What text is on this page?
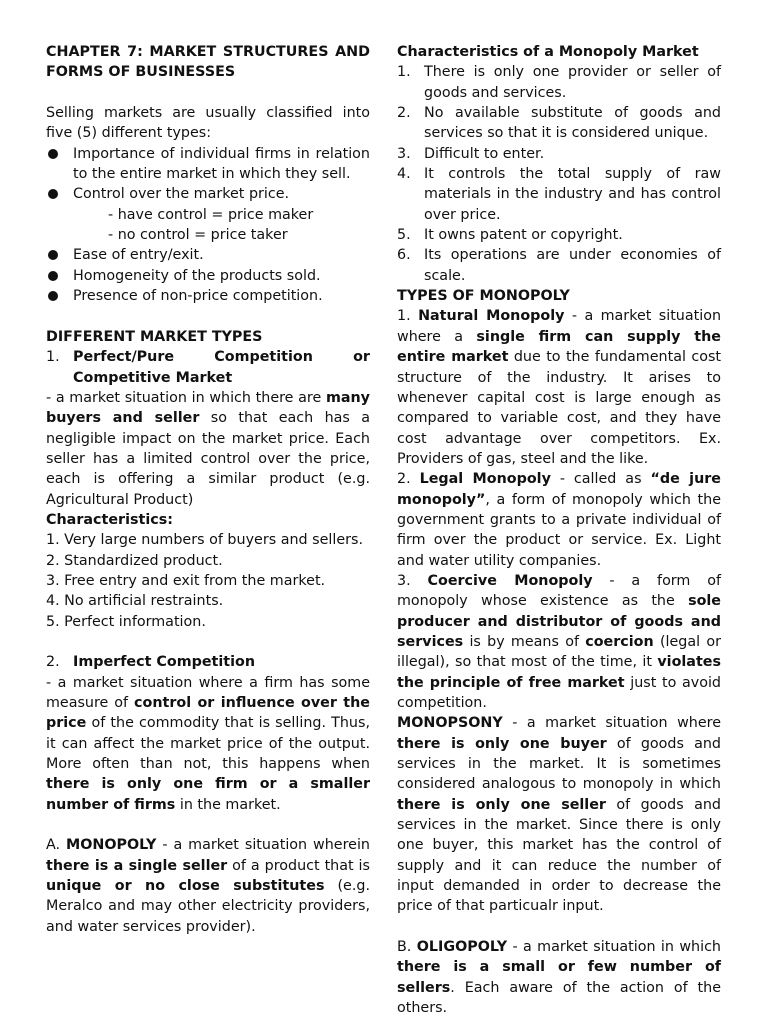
CHAPTER 7: MARKET STRUCTURES AND FORMS OF BUSINESSES

Selling markets are usually classified into five (5) different types:

Importance of individual firms in relation to the entire market in which they sell.
Control over the market price.

- have control = price maker

- no control = price taker

Ease of entry/exit.
Homogeneity of the products sold.
Presence of non-price competition.

DIFFERENT MARKET TYPES

1. Perfect/Pure Competition or Competitive Market

- a market situation in which there are many buyers and seller so that each has a negligible impact on the market price. Each seller has a limited control over the price, each is offering a similar product (e.g. Agricultural Product)

Characteristics:

1. Very large numbers of buyers and sellers.

2. Standardized product.

3. Free entry and exit from the market.

4. No artificial restraints.

5. Perfect information.

2. Imperfect Competition

- a market situation where a firm has some measure of control or influence over the price of the commodity that is selling. Thus, it can affect the market price of the output. More often than not, this happens when there is only one firm or a smaller number of firms in the market.

A. MONOPOLY - a market situation wherein there is a single seller of a product that is unique or no close substitutes (e.g. Meralco and may other electricity providers, and water services provider).

Characteristics of a Monopoly Market

1. There is only one provider or seller of goods and services.
2. No available substitute of goods and services so that it is considered unique.
3. Difficult to enter.
4. It controls the total supply of raw materials in the industry and has control over price.
5. It owns patent or copyright.
6. Its operations are under economies of scale.

TYPES OF MONOPOLY

1. Natural Monopoly - a market situation where a single firm can supply the entire market due to the fundamental cost structure of the industry. It arises to whenever capital cost is large enough as compared to variable cost, and they have cost advantage over competitors. Ex. Providers of gas, steel and the like.

2. Legal Monopoly - called as “de jure monopoly”, a form of monopoly which the government grants to a private individual of firm over the product or service. Ex. Light and water utility companies.

3. Coercive Monopoly - a form of monopoly whose existence as the sole producer and distributor of goods and services is by means of coercion (legal or illegal), so that most of the time, it violates the principle of free market just to avoid competition.

MONOPSONY - a market situation where there is only one buyer of goods and services in the market. It is sometimes considered analogous to monopoly in which there is only one seller of goods and services in the market. Since there is only one buyer, this market has the control of supply and it can reduce the number of input demanded in order to decrease the price of that particualr input.

B. OLIGOPOLY - a market situation in which there is a small or few number of sellers. Each aware of the action of the others.
